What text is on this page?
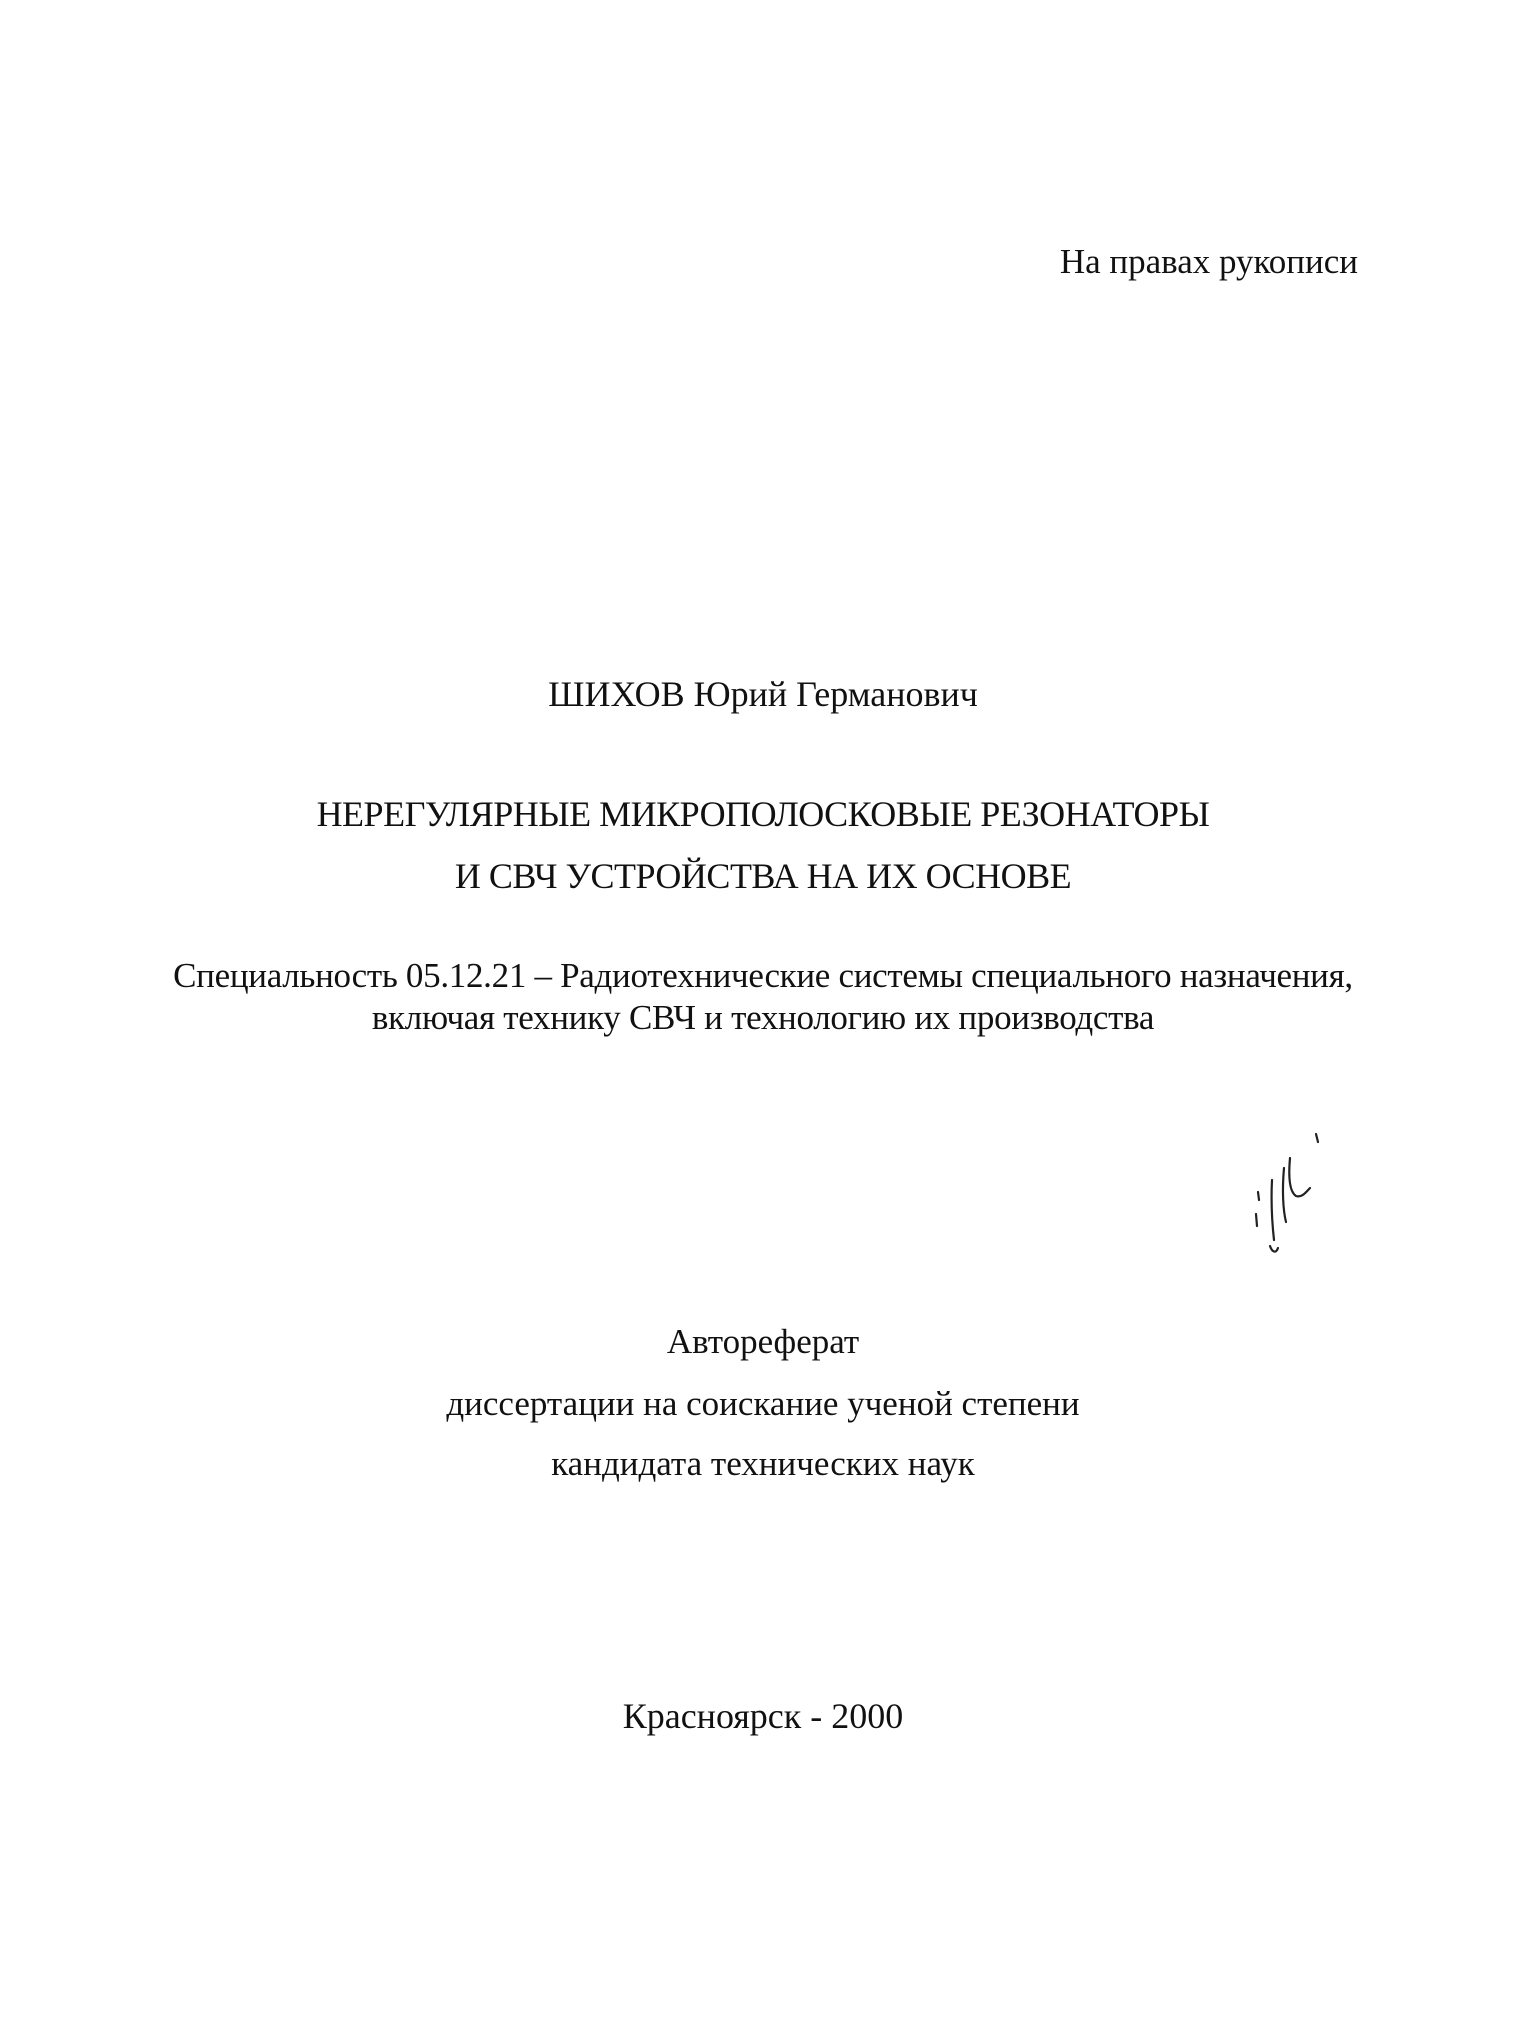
На правах рукописи
ШИХОВ Юрий Германович
НЕРЕГУЛЯРНЫЕ МИКРОПОЛОСКОВЫЕ РЕЗОНАТОРЫ
И СВЧ УСТРОЙСТВА НА ИХ ОСНОВЕ
Специальность 05.12.21 – Радиотехнические системы специального назначения,
включая технику СВЧ и технологию их производства
Автореферат
диссертации на соискание ученой степени
кандидата технических наук
Красноярск - 2000
